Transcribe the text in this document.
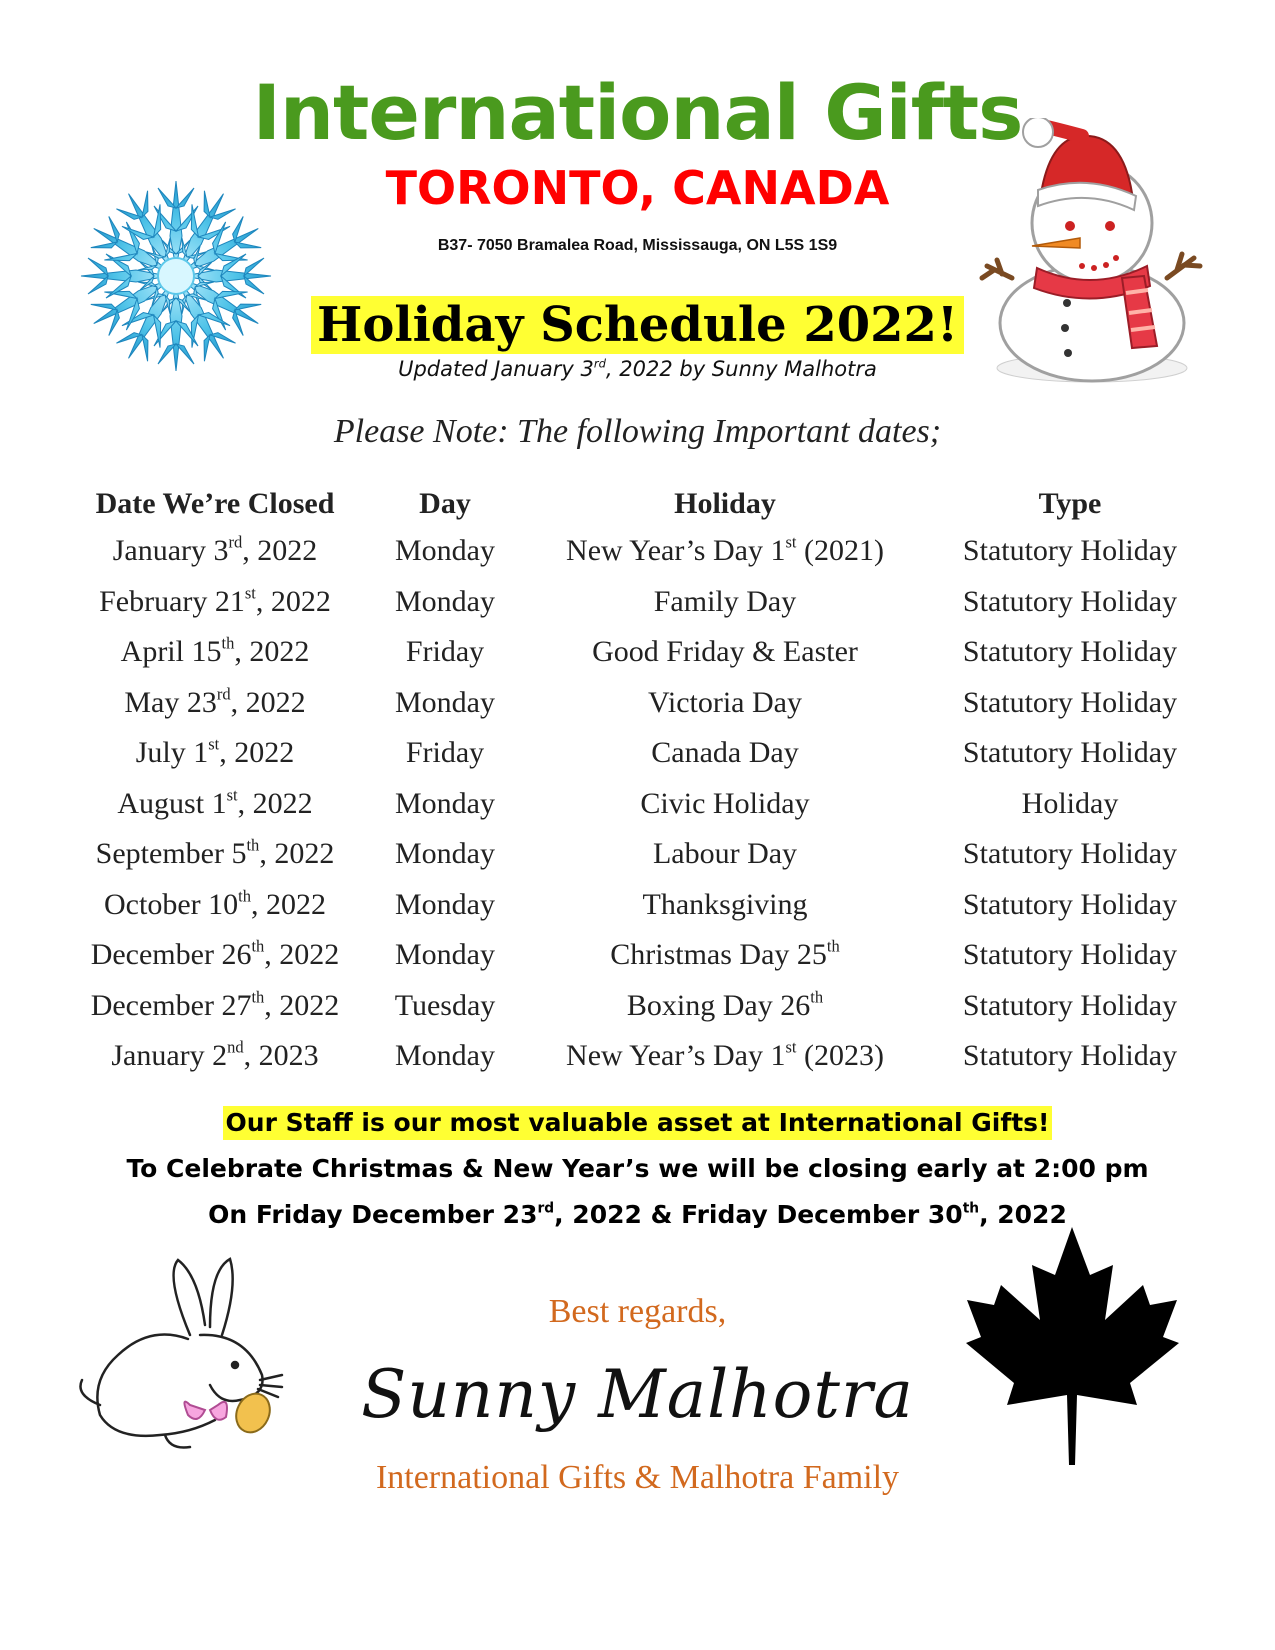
International Gifts
TORONTO, CANADA
B37- 7050 Bramalea Road, Mississauga, ON L5S 1S9
Holiday Schedule 2022!
Updated January 3rd, 2022 by Sunny Malhotra
Please Note: The following Important dates;
Date We’re Closed	Day	Holiday	Type
January 3rd, 2022	Monday	New Year’s Day 1st (2021)	Statutory Holiday
February 21st, 2022	Monday	Family Day	Statutory Holiday
April 15th, 2022	Friday	Good Friday & Easter	Statutory Holiday
May 23rd, 2022	Monday	Victoria Day	Statutory Holiday
July 1st, 2022	Friday	Canada Day	Statutory Holiday
August 1st, 2022	Monday	Civic Holiday	Holiday
September 5th, 2022	Monday	Labour Day	Statutory Holiday
October 10th, 2022	Monday	Thanksgiving	Statutory Holiday
December 26th, 2022	Monday	Christmas Day 25th	Statutory Holiday
December 27th, 2022	Tuesday	Boxing Day 26th	Statutory Holiday
January 2nd, 2023	Monday	New Year’s Day 1st (2023)	Statutory Holiday
Our Staff is our most valuable asset at International Gifts!
To Celebrate Christmas & New Year’s we will be closing early at 2:00 pm
On Friday December 23rd, 2022 & Friday December 30th, 2022
Best regards,
Sunny Malhotra
International Gifts & Malhotra Family
